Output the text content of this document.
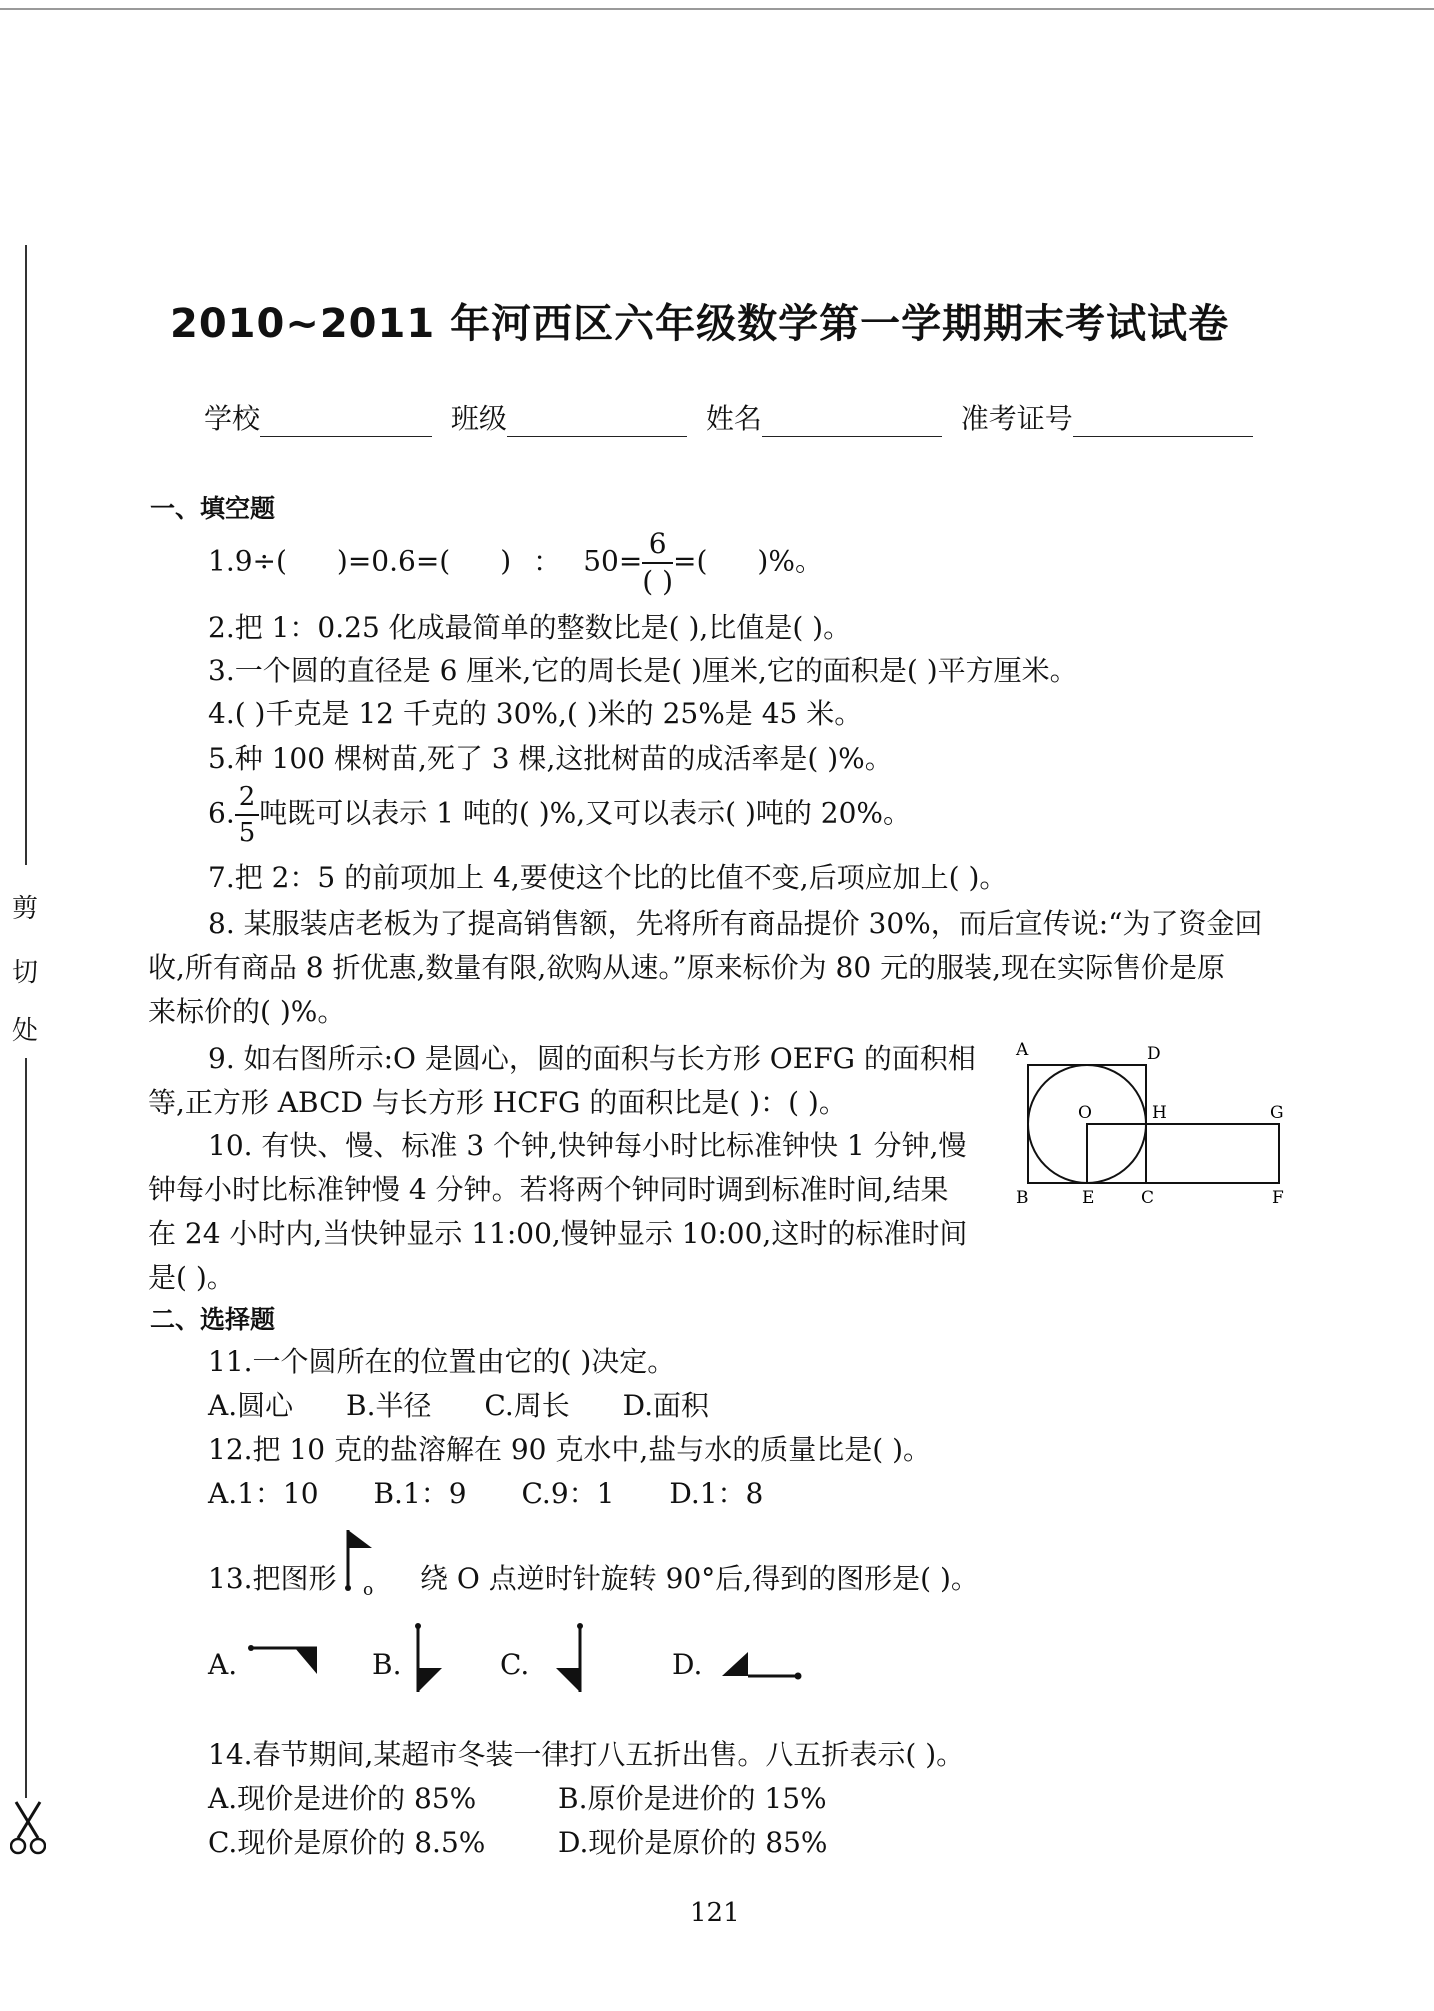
剪
切
处
2010~2011 年河西区六年级数学第一学期期末考试试卷
学校	班级	姓名	准考证号
一、填空题
1.9÷( )=0.6=( ) ： $50= \frac{6}{( )}$ =( )%。
2.把 1：0.25 化成最简单的整数比是( ),比值是( )。
3.一个圆的直径是 6 厘米,它的周长是( )厘米,它的面积是( )平方厘米。
4.( )千克是 12 千克的 30%,( )米的 25%是 45 米。
5.种 100 棵树苗,死了 3 棵,这批树苗的成活率是( )%。
6. $\frac{2}{5}$ 吨既可以表示 1 吨的( )%,又可以表示( )吨的 20%。
7.把 2：5 的前项加上 4,要使这个比的比值不变,后项应加上( )。
8. 某服装店老板为了提高销售额，先将所有商品提价 30%，而后宣传说:“为了资金回
收,所有商品 8 折优惠,数量有限,欲购从速。”原来标价为 80 元的服装,现在实际售价是原
来标价的( )%。
9. 如右图所示:O 是圆心，圆的面积与长方形 OEFG 的面积相
等,正方形 ABCD 与长方形 HCFG 的面积比是( )：( )。
10. 有快、慢、标准 3 个钟,快钟每小时比标准钟快 1 分钟,慢
钟每小时比标准钟慢 4 分钟。若将两个钟同时调到标准时间,结果
在 24 小时内,当快钟显示 11:00,慢钟显示 10:00,这时的标准时间
是( )。
A	D
O	H	G
B	E	C	F
二、选择题
11.一个圆所在的位置由它的( )决定。
A.圆心 B.半径 C.周长 D.面积
12.把 10 克的盐溶解在 90 克水中,盐与水的质量比是( )。
A.1：10 B.1：9 C.9：1 D.1：8
13.把图形 o 绕 O 点逆时针旋转 90°后,得到的图形是( )。
A.	B.	C.	D.
14.春节期间,某超市冬装一律打八五折出售。八五折表示( )。
A.现价是进价的 85%	B.原价是进价的 15%
C.现价是原价的 8.5%	D.现价是原价的 85%
121
